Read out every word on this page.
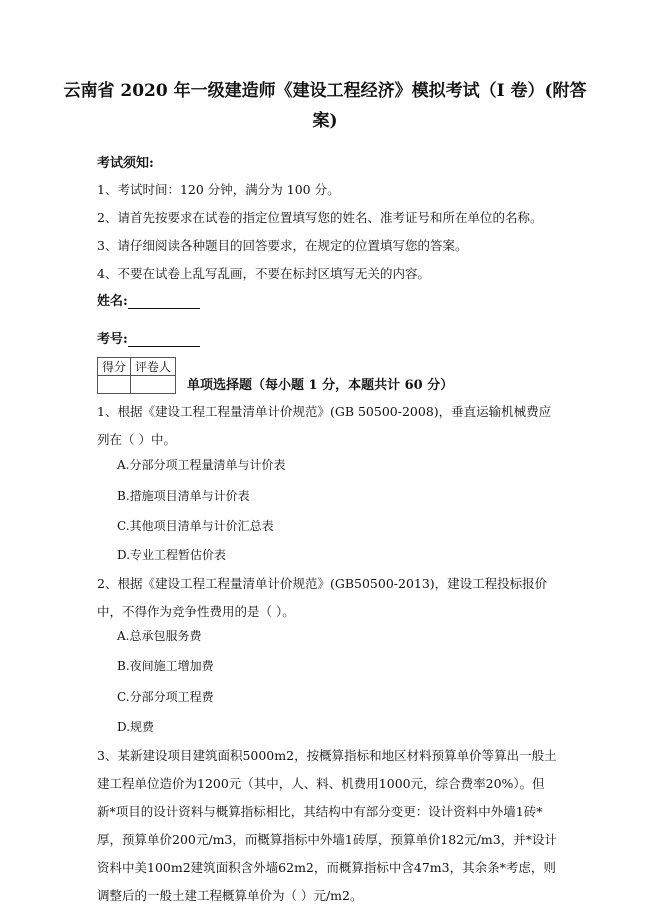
云南省 2020 年一级建造师《建设工程经济》模拟考试（I 卷）(附答
案)
考试须知:
1、考试时间：120 分钟，满分为 100 分。
2、请首先按要求在试卷的指定位置填写您的姓名、准考证号和所在单位的名称。
3、请仔细阅读各种题目的回答要求，在规定的位置填写您的答案。
4、不要在试卷上乱写乱画，不要在标封区填写无关的内容。
姓名:
考号:
得分	评卷人

单项选择题（每小题 1 分，本题共计 60 分）
1、根据《建设工程工程量清单计价规范》(GB 50500-2008)，垂直运输机械费应列在（ ）中。
A.分部分项工程量清单与计价表
B.措施项目清单与计价表
C.其他项目清单与计价汇总表
D.专业工程暂估价表
2、根据《建设工程工程量清单计价规范》(GB50500-2013)，建设工程投标报价中，不得作为竞争性费用的是（ ）。
A.总承包服务费
B.夜间施工增加费
C.分部分项工程费
D.规费
3、某新建设项目建筑面积5000m2，按概算指标和地区材料预算单价等算出一般土建工程单位造价为1200元（其中，人、料、机费用1000元，综合费率20%）。但新*项目的设计资料与概算指标相比，其结构中有部分变更：设计资料中外墙1砖*厚，预算单价200元/m3，而概算指标中外墙1砖厚，预算单价182元/m3，并*设计资料中美100m2建筑面积含外墙62m2，而概算指标中含47m3，其余条*考虑，则调整后的一般土建工程概算单价为（ ）元/m2。
